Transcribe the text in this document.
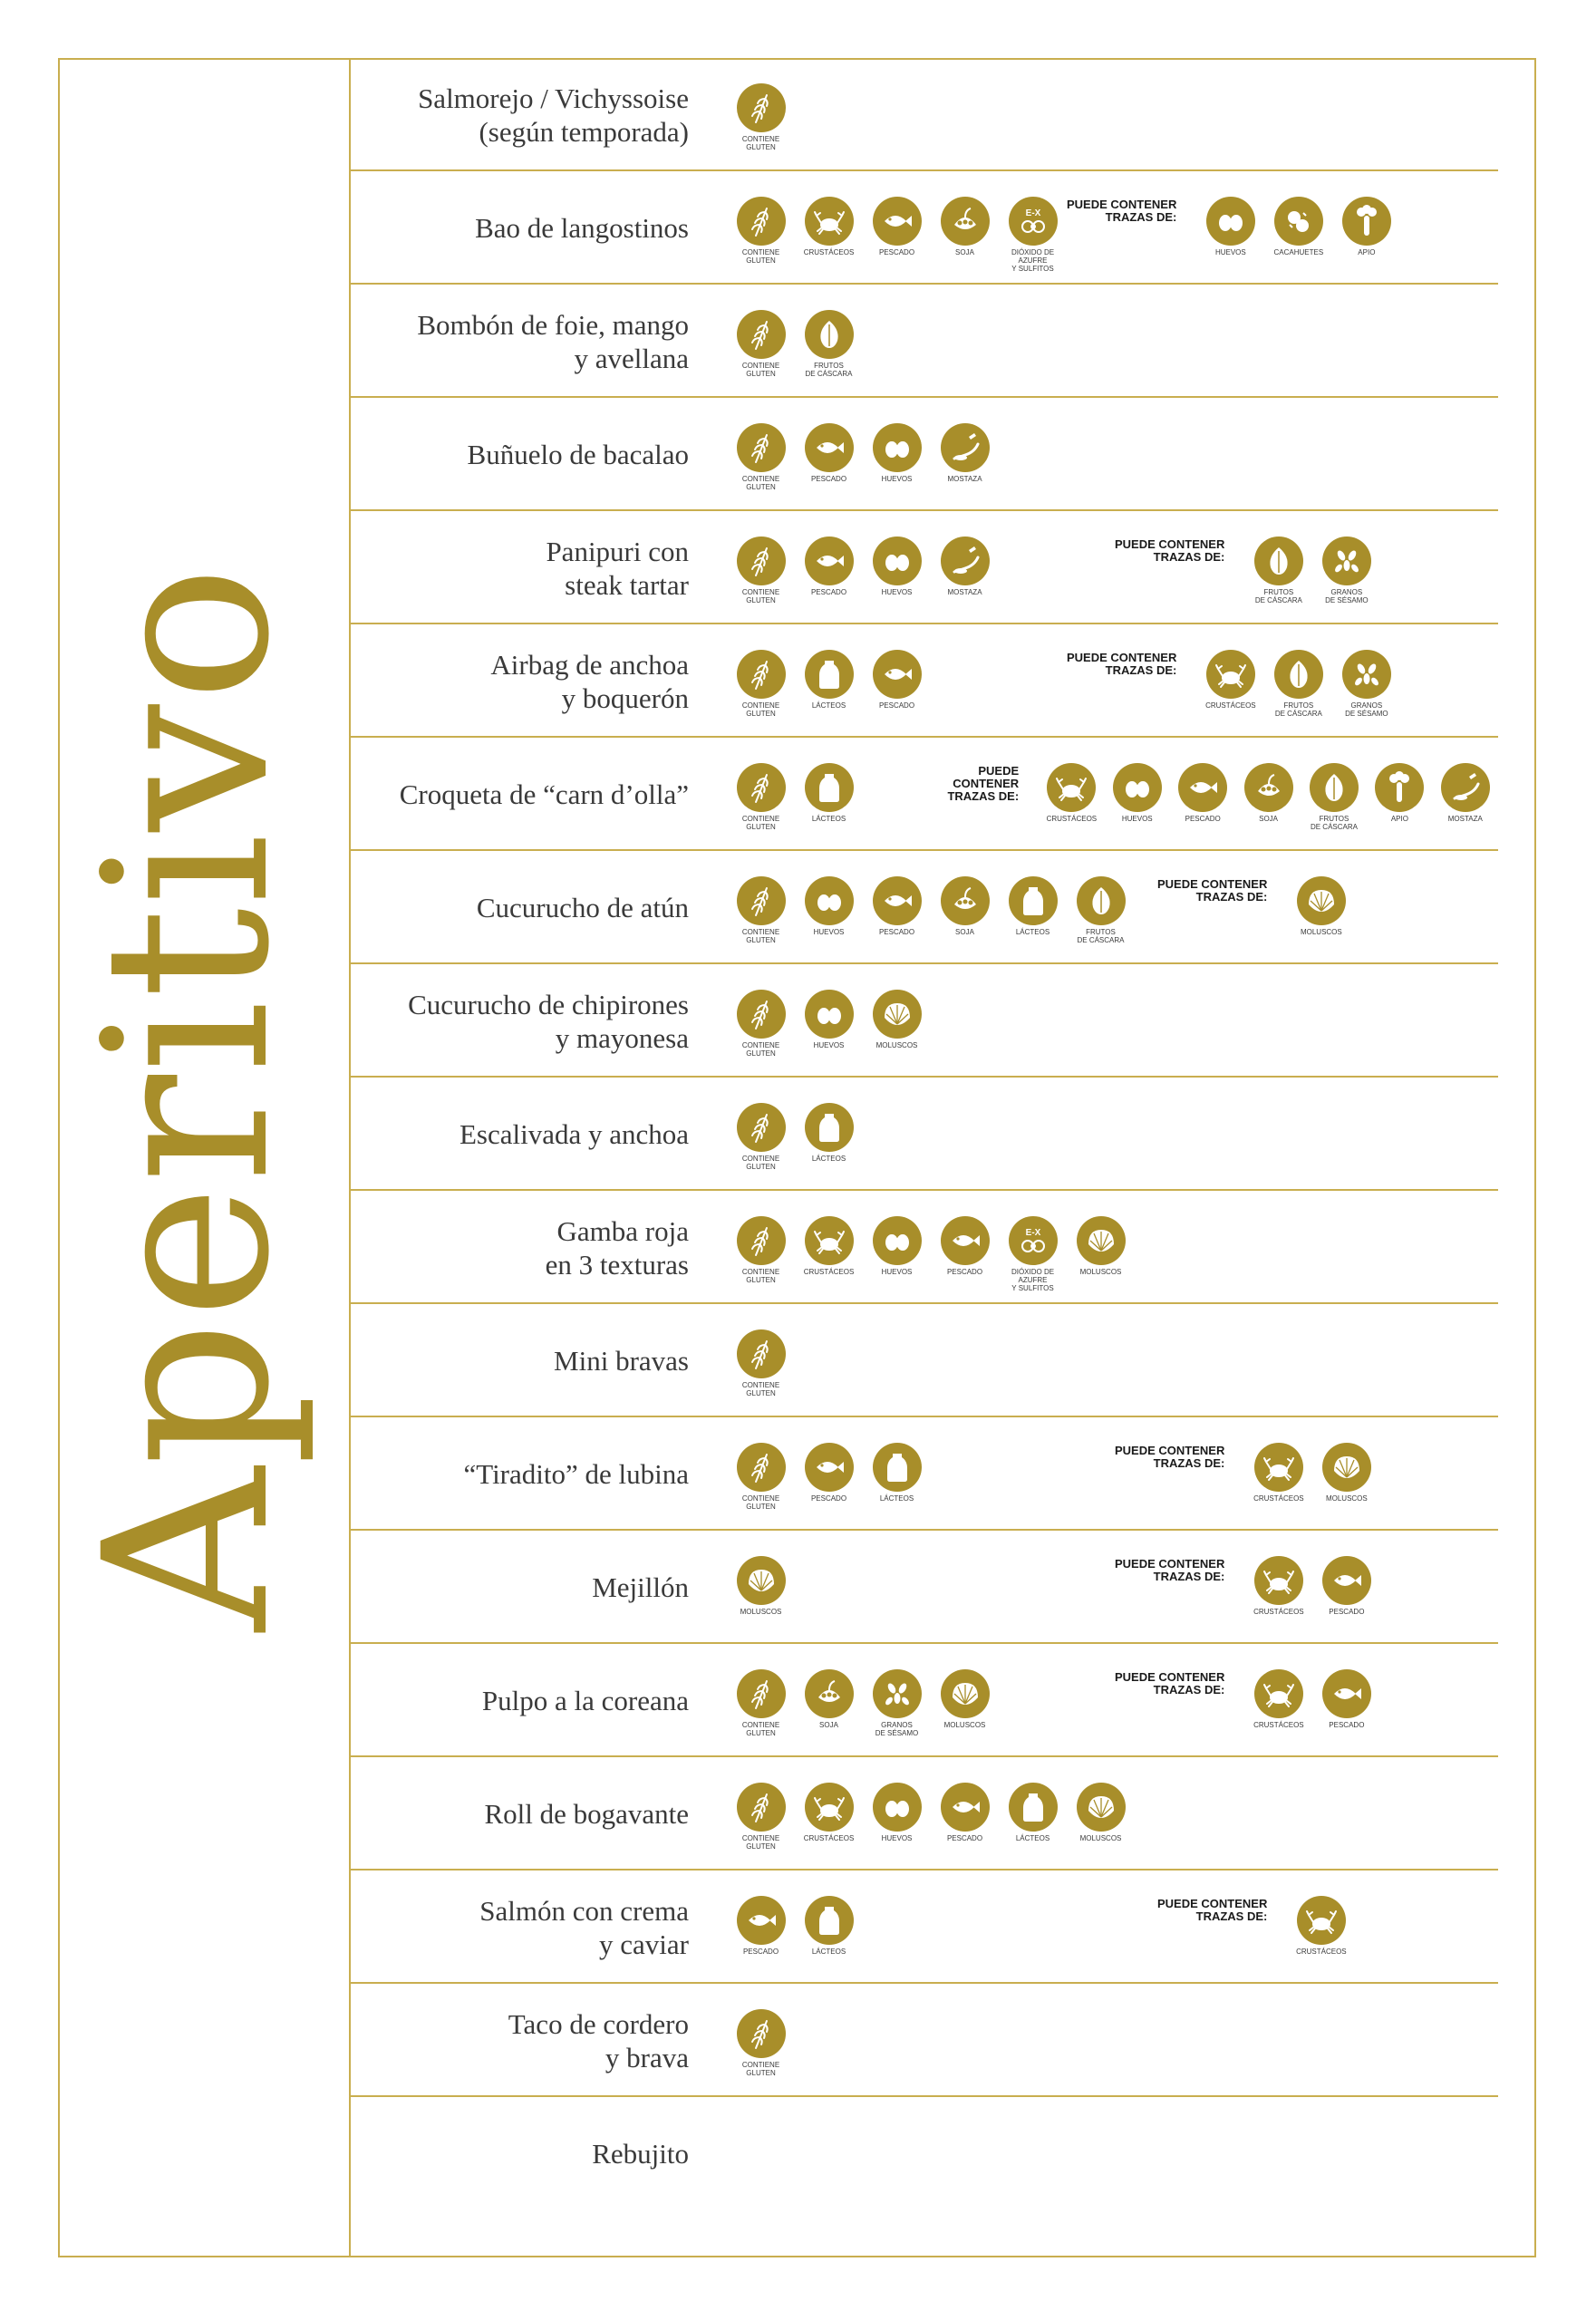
Aperitivo
Salmorejo / Vichyssoise
(según temporada)	CONTIENE
GLUTEN
Bao de langostinos
CONTIENE
GLUTEN
CRUSTÁCEOS	PESCADO	SOJA
E-X
DIÓXIDO DE AZUFRE
Y SULFITOS
PUEDE CONTENER
TRAZAS DE:
HUEVOS	CACAHUETES	APIO
Bombón de foie, mango
y avellana	CONTIENE
GLUTEN
FRUTOS
DE CÁSCARA
Buñuelo de bacalao
CONTIENE
GLUTEN
PESCADO	HUEVOS	MOSTAZA
Panipuri con
steak tartar	CONTIENE
GLUTEN
PESCADO	HUEVOS	MOSTAZA
PUEDE CONTENER
TRAZAS DE:
FRUTOS
DE CÁSCARA
GRANOS
DE SÉSAMO
Airbag de anchoa
y boquerón	CONTIENE
GLUTEN
LÁCTEOS	PESCADO
PUEDE CONTENER
TRAZAS DE:
CRUSTÁCEOS	FRUTOS
DE CÁSCARA
GRANOS
DE SÉSAMO
Croqueta de “carn d’olla”
CONTIENE
GLUTEN
LÁCTEOS
PUEDE CONTENER
TRAZAS DE:
CRUSTÁCEOS	HUEVOS	PESCADO	SOJA	FRUTOS
DE CÁSCARA
APIO	MOSTAZA
Cucurucho de atún
CONTIENE
GLUTEN
HUEVOS	PESCADO	SOJA	LÁCTEOS	FRUTOS
DE CÁSCARA
PUEDE CONTENER
TRAZAS DE:
MOLUSCOS
Cucurucho de chipirones
y mayonesa	CONTIENE
GLUTEN
HUEVOS	MOLUSCOS
Escalivada y anchoa
CONTIENE
GLUTEN
LÁCTEOS
Gamba roja
en 3 texturas	CONTIENE
GLUTEN
CRUSTÁCEOS	HUEVOS	PESCADO
E-X
DIÓXIDO DE AZUFRE
Y SULFITOS
MOLUSCOS
Mini bravas
CONTIENE
GLUTEN
“Tiradito” de lubina
CONTIENE
GLUTEN
PESCADO	LÁCTEOS
PUEDE CONTENER
TRAZAS DE:
CRUSTÁCEOS	MOLUSCOS
Mejillón
MOLUSCOS
PUEDE CONTENER
TRAZAS DE:
CRUSTÁCEOS	PESCADO
Pulpo a la coreana
CONTIENE
GLUTEN
SOJA	GRANOS
DE SÉSAMO
MOLUSCOS
PUEDE CONTENER
TRAZAS DE:
CRUSTÁCEOS	PESCADO
Roll de bogavante
CONTIENE
GLUTEN
CRUSTÁCEOS	HUEVOS	PESCADO	LÁCTEOS	MOLUSCOS
Salmón con crema
y caviar	PESCADO	LÁCTEOS
PUEDE CONTENER
TRAZAS DE:
CRUSTÁCEOS
Taco de cordero
y brava	CONTIENE
GLUTEN
Rebujito
